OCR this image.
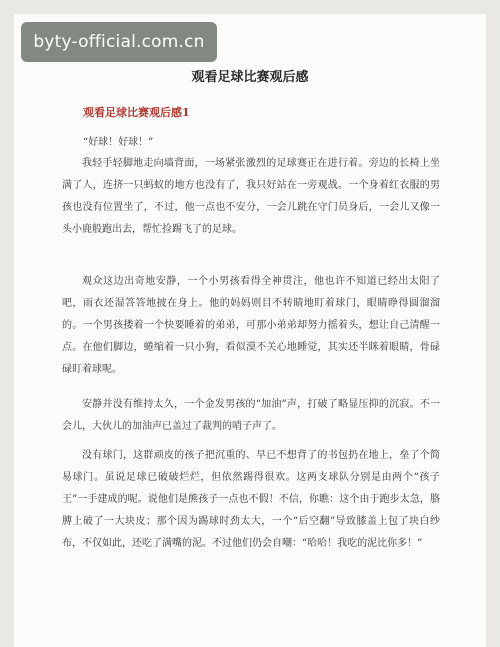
byty-official.com.cn
观看足球比赛观后感
观看足球比赛观后感1
“好球！好球！”

我轻手轻脚地走向墙背面，一场紧张激烈的足球赛正在进行着。旁边的长椅上坐满了人，连挤一只蚂蚁的地方也没有了，我只好站在一旁观战。一个身着红衣服的男孩也没有位置坐了，不过，他一点也不安分，一会儿跳在守门员身后，一会儿又像一头小鹿般跑出去，帮忙捡踢飞了的足球。

观众这边出奇地安静，一个小男孩看得全神贯注，他也许不知道已经出太阳了吧，雨衣还湿答答地披在身上。他的妈妈则目不转睛地盯着球门，眼睛睁得圆溜溜的。一个男孩搂着一个快要睡着的弟弟，可那小弟弟却努力摇着头，想让自己清醒一点。在他们脚边，蜷缩着一只小狗，看似漠不关心地睡觉，其实还半眯着眼睛，骨碌碌盯着球呢。

安静并没有维持太久，一个金发男孩的“加油”声，打破了略显压抑的沉寂。不一会儿，大伙儿的加油声已盖过了裁判的哨子声了。

没有球门，这群顽皮的孩子把沉重的、早已不想背了的书包扔在地上，垒了个简易球门。虽说足球已破破烂烂，但依然踢得很欢。这两支球队分别是由两个“孩子王”一手建成的呢。说他们是熊孩子一点也不假！不信，你瞧：这个由于跑步太急，胳膊上破了一大块皮；那个因为踢球时劲太大，一个“后空翻”导致膝盖上包了块白纱布，不仅如此，还吃了满嘴的泥。不过他们仍会自嘲：“哈哈！我吃的泥比你多！”
